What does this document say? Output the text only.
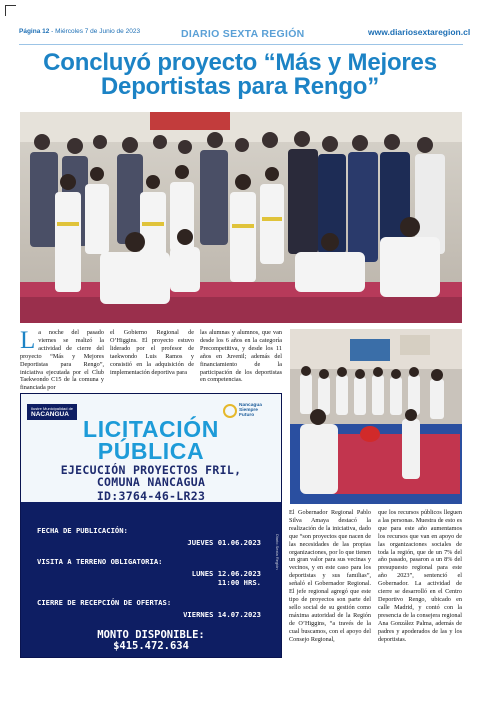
Página 12 - Miércoles 7 de Junio de 2023	DIARIO SEXTA REGIÓN	www.diariosextaregion.cl
Concluyó proyecto “Más y Mejores
Deportistas para Rengo”
La noche del pasado viernes se realizó la actividad de cierre del proyecto “Más y Mejores Deportistas para Rengo”, iniciativa ejecutada por el Club Taekwondo C15 de la comuna y financiada por
el Gobierno Regional de O’Higgins. El proyecto estuvo liderado por el profesor de taekwondo Luis Ramos y consistió en la adquisición de implementación deportiva para
las alumnas y alumnos, que van desde los 6 años en la categoría Precompetitiva, y desde los 11 años en Juvenil; además del financiamiento de la participación de los deportistas en competencias.
Ilustre Municipalidad de
NACANGUA
Nancagua Siempre Futuro
LICITACIÓN
PÚBLICA
EJECUCIÓN PROYECTOS FRIL,
COMUNA NANCAGUA
ID:3764-46-LR23
FECHA DE PUBLICACIÓN:
JUEVES 01.06.2023
VISITA A TERRENO OBLIGATORIA:
LUNES 12.06.2023
11:00 HRS.
CIERRE DE RECEPCIÓN DE OFERTAS:
VIERNES 14.07.2023
MONTO DISPONIBLE:
$415.472.634
Diario Sexta Región
El Gobernador Regional Pablo Silva Amaya destacó la realización de la iniciativa, dado que “son proyectos que nacen de las necesidades de las propias organizaciones, por lo que tienen un gran valor para sus vecinas y vecinos, y en este caso para los deportistas y sus familias”, señaló el Gobernador Regional. El jefe regional agregó que este tipo de proyectos son parte del sello social de su gestión como máxima autoridad de la Región de O’Higgins, “a través de la cual buscamos, con el apoyo del Consejo Regional,
que los recursos públicos lleguen a las personas. Muestra de esto es que para este año aumentamos los recursos que van en apoyo de las organizaciones sociales de toda la región, que de un 7% del año pasado, pasaron a un 8% del presupuesto regional para este año 2023”, sentenció el Gobernador. La actividad de cierre se desarrolló en el Centro Deportivo Rengo, ubicado en calle Madrid, y contó con la presencia de la consejera regional Ana González Palma, además de padres y apoderados de las y los deportistas.
